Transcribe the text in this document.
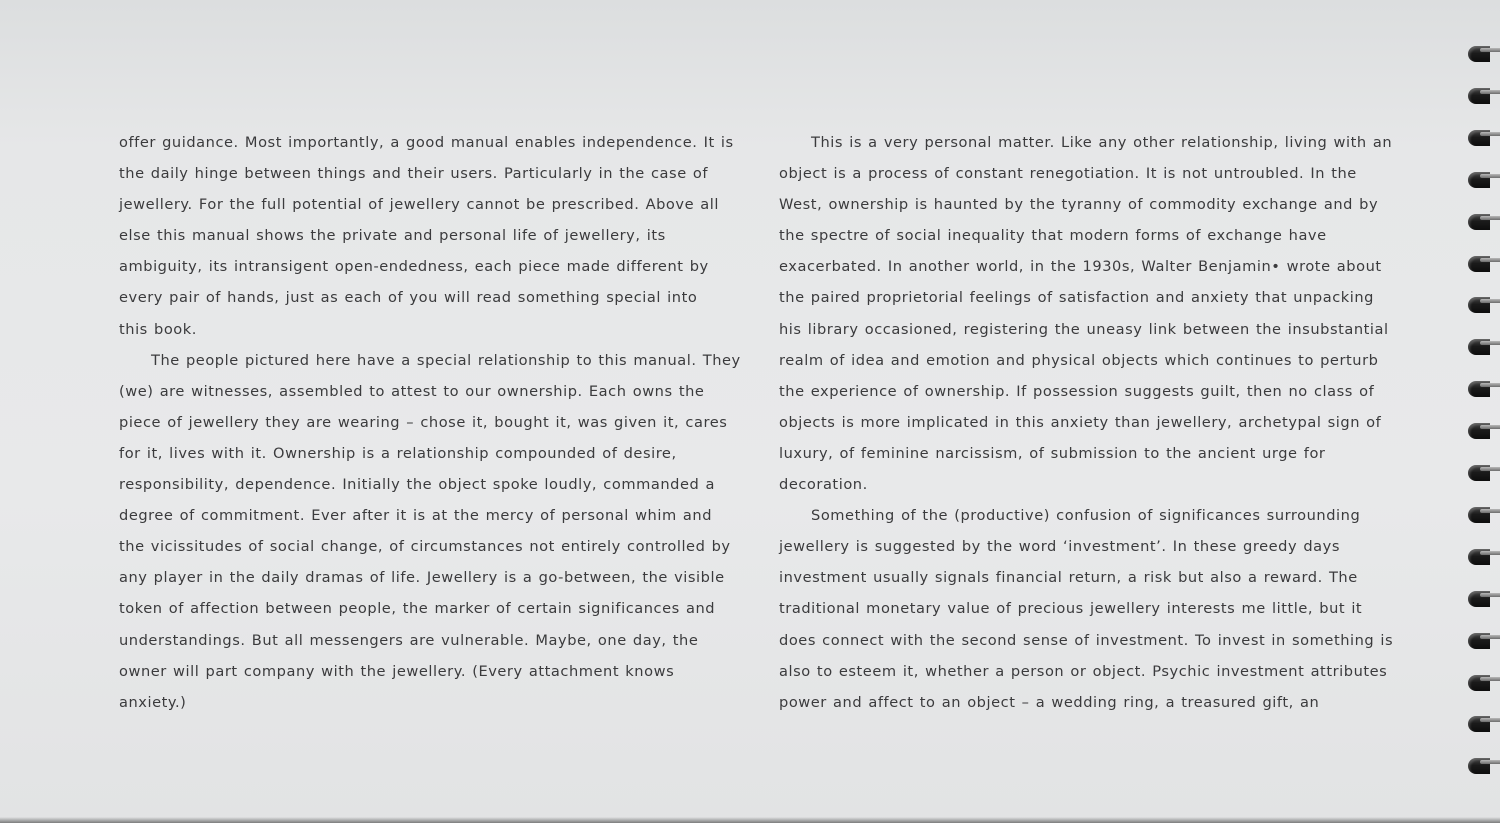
offer guidance. Most importantly, a good manual enables independence. It is
the daily hinge between things and their users. Particularly in the case of
jewellery. For the full potential of jewellery cannot be prescribed. Above all
else this manual shows the private and personal life of jewellery, its
ambiguity, its intransigent open-endedness, each piece made different by
every pair of hands, just as each of you will read something special into
this book.
The people pictured here have a special relationship to this manual. They
(we) are witnesses, assembled to attest to our ownership. Each owns the
piece of jewellery they are wearing – chose it, bought it, was given it, cares
for it, lives with it. Ownership is a relationship compounded of desire,
responsibility, dependence. Initially the object spoke loudly, commanded a
degree of commitment. Ever after it is at the mercy of personal whim and
the vicissitudes of social change, of circumstances not entirely controlled by
any player in the daily dramas of life. Jewellery is a go-between, the visible
token of affection between people, the marker of certain significances and
understandings. But all messengers are vulnerable. Maybe, one day, the
owner will part company with the jewellery. (Every attachment knows
anxiety.)
This is a very personal matter. Like any other relationship, living with an
object is a process of constant renegotiation. It is not untroubled. In the
West, ownership is haunted by the tyranny of commodity exchange and by
the spectre of social inequality that modern forms of exchange have
exacerbated. In another world, in the 1930s, Walter Benjamin• wrote about
the paired proprietorial feelings of satisfaction and anxiety that unpacking
his library occasioned, registering the uneasy link between the insubstantial
realm of idea and emotion and physical objects which continues to perturb
the experience of ownership. If possession suggests guilt, then no class of
objects is more implicated in this anxiety than jewellery, archetypal sign of
luxury, of feminine narcissism, of submission to the ancient urge for
decoration.
Something of the (productive) confusion of significances surrounding
jewellery is suggested by the word ‘investment’. In these greedy days
investment usually signals financial return, a risk but also a reward. The
traditional monetary value of precious jewellery interests me little, but it
does connect with the second sense of investment. To invest in something is
also to esteem it, whether a person or object. Psychic investment attributes
power and affect to an object – a wedding ring, a treasured gift, an
